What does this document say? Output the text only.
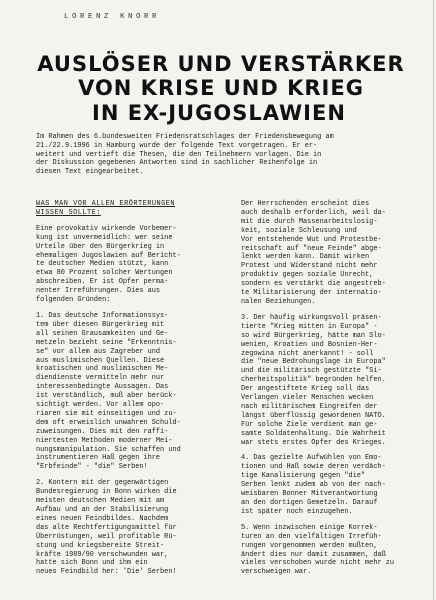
LORENZ KNORR
AUSLÖSER UND VERSTÄRKER
VON KRISE UND KRIEG
IN EX-JUGOSLAWIEN

Im Rahmen des 6.bundesweiten Friedensratschlages der Friedensbewegung am
21./22.9.1996 in Hamburg wurde der folgende Text vorgetragen. Er er-
weitert und vertieft die Thesen, die den Teilnehmern vorlagen. Die in
der Diskussion gegebenen Antworten sind in sachlicher Reihenfolge in
diesen Text eingearbeitet.

WAS MAN VOR ALLEN ERÖRTERUNGEN
WISSEN SOLLTE:

Eine provokativ wirkende Vorbemer-
kung ist unvermeidlich: wer seine
Urteile über den Bürgerkrieg in
ehemaligen Jugoslawien auf Bericht-
te deutscher Medien stützt, kann
etwa 80 Prozent solcher Wertungen
abschreiben. Er ist Opfer perma-
nenter Irreführungen. Dies aus
folgenden Gründen:

1. Das deutsche Informationssys-
tem über diesen Bürgerkrieg mit
all seinen Grausamkeiten und Ge-
metzeln bezieht seine "Erkenntnis-
se" vor allem aus Zagreber und
aus muslimischen Quellen. Diese
kroatischen und muslimischen Me-
diendienste vermitteln mehr nur
interessenbedingte Aussagen. Das
ist verständlich, muß aber berück-
sichtigt werden. Vor allem opo-
riaren sie mit einseitigen und zu-
dem oft erweislich unwahren Schuld-
zuweisungen. Dies mit den raffi-
niertesten Methoden moderner Mei-
nungsmanipulation. Sie schaffen und
instrumentieren Haß gegen ihre
"Erbfeinde" - "die" Serben!

2. Kontern mit der gegenwärtigen
Bundesregierung in Bonn wirken die
meisten deutschen Medien mit am
Aufbau und an der Stabilisierung
eines neuen Feindbildes. Nachdem
das alte Rechtfertigungsmittel für
Überrüstungen, weil profitable Rü-
stung und kriegsbereite Streit-
kräfte 1989/90 verschwunden war,
hatte sich Bonn und ihm ein
neues Feindbild her: 'Die' Serben!

Der Herrschenden erscheint dies
auch deshalb erforderlich, weil da-
mit die durch Massenarbeitslosig-
keit, soziale Schleusung und
Vor entstehende Wut und Protestbe-
reitschaft auf "neue Feinde" abge-
lenkt werden kann. Damit wirken
Protest und Widerstand nicht mehr
produktiv gegen soziale Unrecht,
sondern es verstärkt die angestreb-
te Militarisierung der internatio-
nalen Beziehungen.

3. Der häufig wirkungsvoll präsen-
tierte "Krieg mitten in Europa" -
so wird Bürgerkrieg, hätte man Slo-
wenien, Kroatien und Bosnien-Her-
zegowina nicht anerkannt! - soll
die "neue Bedrohungslage in Europa"
und die militärisch gestützte "Si-
cherheitspolitik" begründen helfen.
Der angestiftete Krieg soll das
Verlangen vieler Menschen wecken
nach militärischem Eingreifen der
längst überflüssig gewordenen NATO.
Für solche Ziele verdient man ge-
samte Soldatenhaltung. Die Wahrheit
war stets erstes Opfer des Krieges.

4. Das gezielte Aufwühlen von Emo-
tionen und Haß sowie deren verdäch-
tige Kanalisierung gegen "die"
Serben lenkt zudem ab von der nach-
weisbaren Bonner Mitverantwortung
an den dortigen Gemetzeln. Darauf
ist später noch einzugehen.

5. Wenn inzwischen einige Korrek-
turen an den vielfältigen Irrefüh-
rungen vorgenommen werden mußten,
ändert dies nur damit zusammen, daß
vieles verschoben wurde nicht mehr zu
verschweigen war.
